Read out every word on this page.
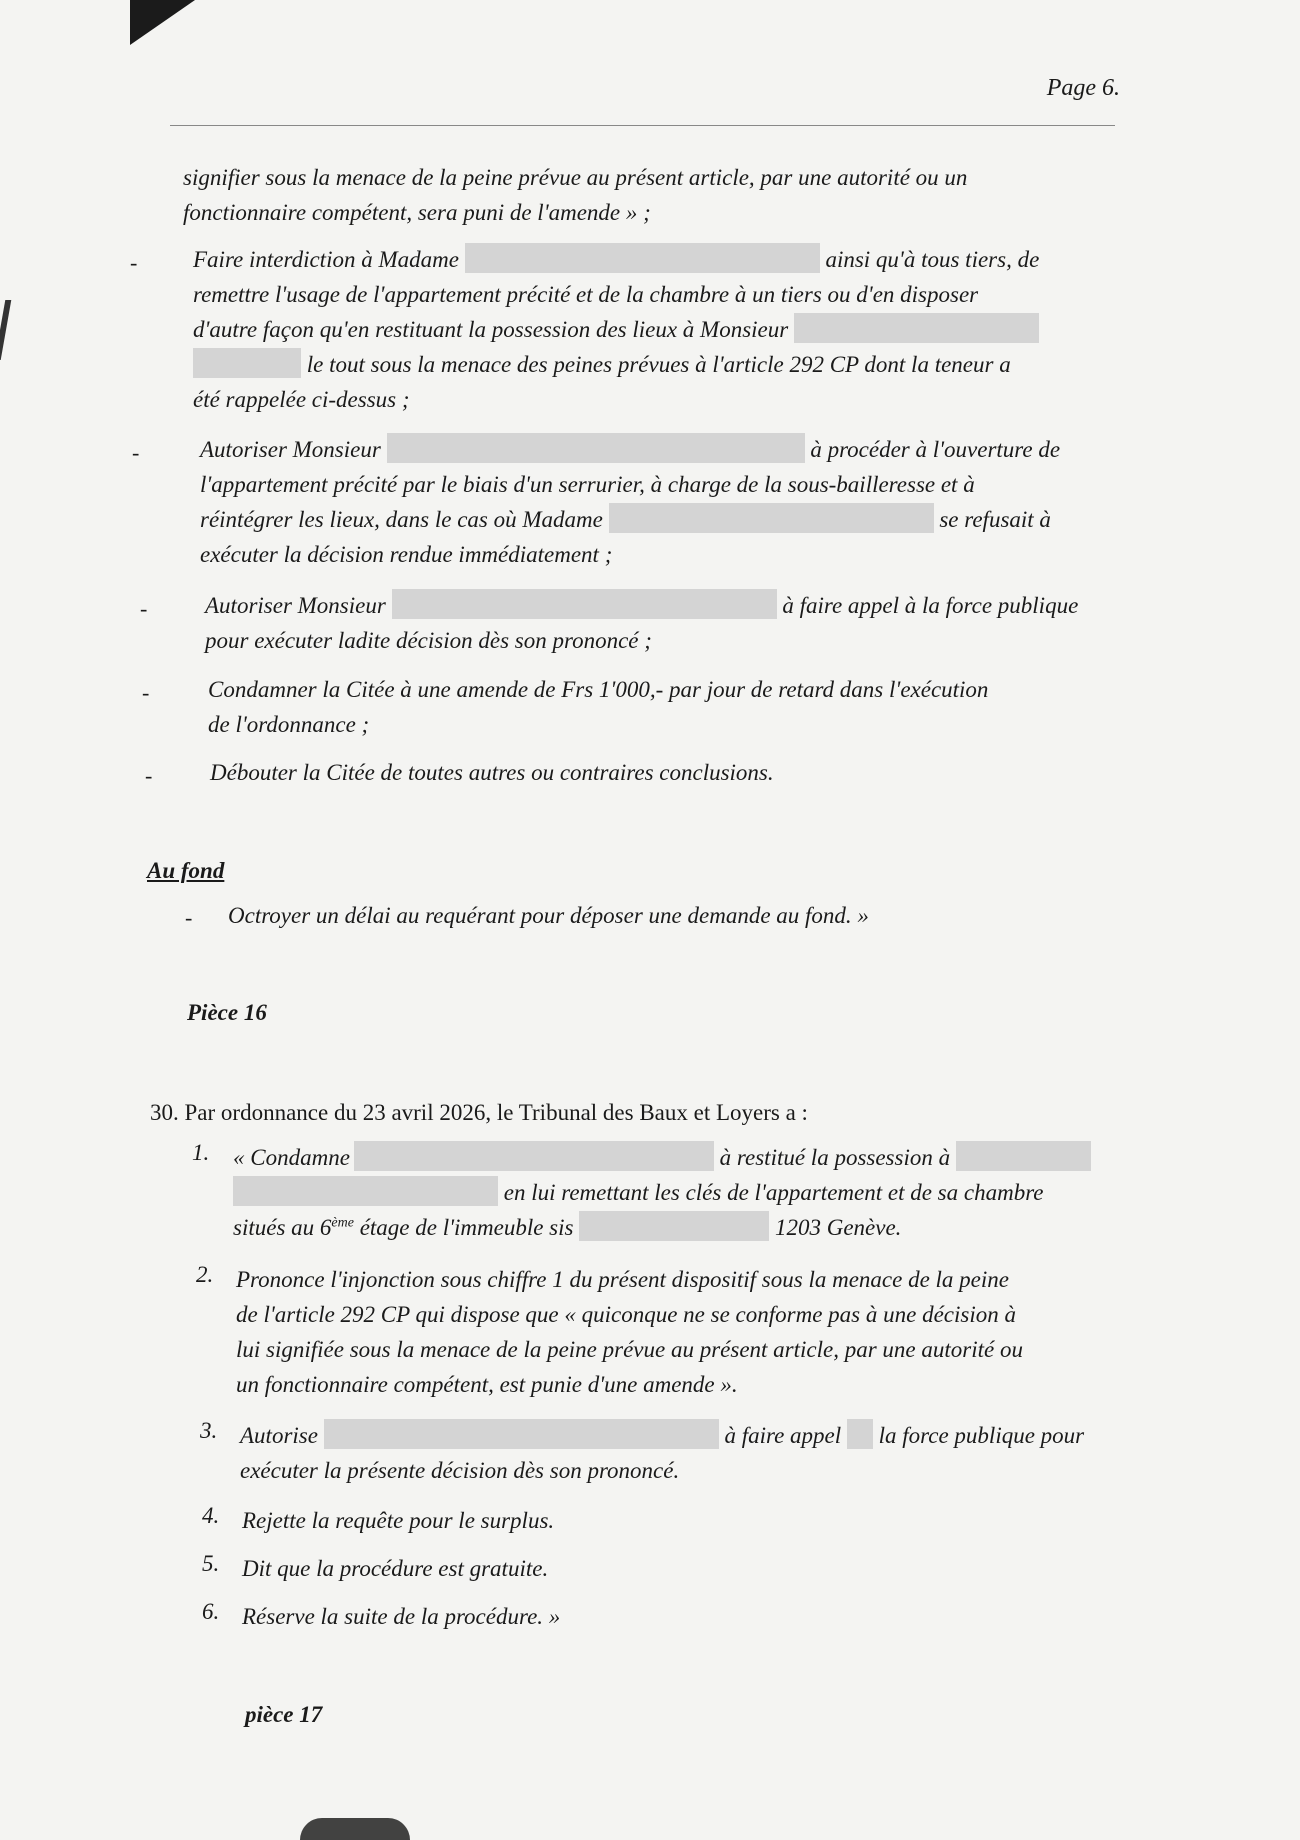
Page 6.
signifier sous la menace de la peine prévue au présent article, par une autorité ou un
fonctionnaire compétent, sera puni de l'amende » ;
- Faire interdiction à Madame	ainsi qu'à tous tiers, de
remettre l'usage de l'appartement précité et de la chambre à un tiers ou d'en disposer
d'autre façon qu'en restituant la possession des lieux à Monsieur
le tout sous la menace des peines prévues à l'article 292 CP dont la teneur a
été rappelée ci-dessus ;
-	Autoriser Monsieur	à procéder à l'ouverture de
l'appartement précité par le biais d'un serrurier, à charge de la sous-bailleresse et à
réintégrer les lieux, dans le cas où Madame	se refusait à
exécuter la décision rendue immédiatement ;
-	Autoriser Monsieur	à faire appel à la force publique
pour exécuter ladite décision dès son prononcé ;
-	Condamner la Citée à une amende de Frs 1'000,- par jour de retard dans l'exécution
de l'ordonnance ;
-	Débouter la Citée de toutes autres ou contraires conclusions.
Au fond
- Octroyer un délai au requérant pour déposer une demande au fond. »
Pièce 16
30. Par ordonnance du 23 avril 2026, le Tribunal des Baux et Loyers a :
1. « Condamne	à restitué la possession à
en lui remettant les clés de l'appartement et de sa chambre
situés au 6ème étage de l'immeuble sis	1203 Genève.
2. Prononce l'injonction sous chiffre 1 du présent dispositif sous la menace de la peine
de l'article 292 CP qui dispose que « quiconque ne se conforme pas à une décision à
lui signifiée sous la menace de la peine prévue au présent article, par une autorité ou
un fonctionnaire compétent, est punie d'une amende ».
3. Autorise	à faire appel la force publique pour
exécuter la présente décision dès son prononcé.
4. Rejette la requête pour le surplus.
5. Dit que la procédure est gratuite.
6. Réserve la suite de la procédure. »
pièce 17
